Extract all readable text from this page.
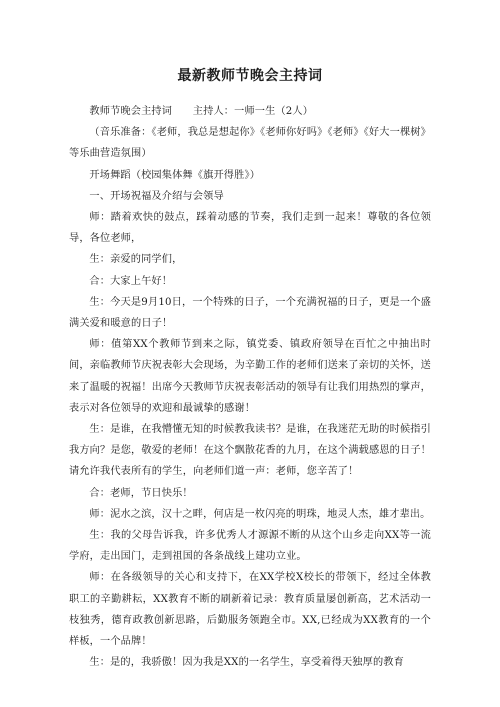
最新教师节晚会主持词

教师节晚会主持词　　主持人：一师一生（2人）

（音乐准备：《老师，我总是想起你》《老师你好吗》《老师》《好大一棵树》等乐曲营造氛围）

开场舞蹈（校园集体舞《旗开得胜》）

一、开场祝福及介绍与会领导

师：踏着欢快的鼓点，踩着动感的节奏，我们走到一起来！尊敬的各位领导，各位老师，

生：亲爱的同学们，

合：大家上午好！

生：今天是9月10日，一个特殊的日子，一个充满祝福的日子，更是一个盛满关爱和暖意的日子！

师：值第XX个教师节到来之际，镇党委、镇政府领导在百忙之中抽出时间，亲临教师节庆祝表彰大会现场，为辛勤工作的老师们送来了亲切的关怀，送来了温暖的祝福！出席今天教师节庆祝表彰活动的领导有让我们用热烈的掌声，表示对各位领导的欢迎和最诚挚的感谢！

生：是谁，在我懵懂无知的时候教我读书？是谁，在我迷茫无助的时候指引我方向？是您，敬爱的老师！在这个飘散花香的九月，在这个满载感恩的日子！请允许我代表所有的学生，向老师们道一声：老师，您辛苦了！

合：老师，节日快乐！

师：泥水之滨，汉十之畔，何店是一枚闪亮的明珠，地灵人杰，雄才辈出。

生：我的父母告诉我，许多优秀人才源源不断的从这个山乡走向XX等一流学府，走出国门，走到祖国的各条战线上建功立业。

师：在各级领导的关心和支持下，在XX学校X校长的带领下，经过全体教职工的辛勤耕耘，XX教育不断的刷新着记录：教育质量屡创新高，艺术活动一枝独秀，德育政教创新思路，后勤服务领跑全市。XX,已经成为XX教育的一个样板，一个品牌！

生：是的，我骄傲！因为我是XX的一名学生，享受着得天独厚的教育
